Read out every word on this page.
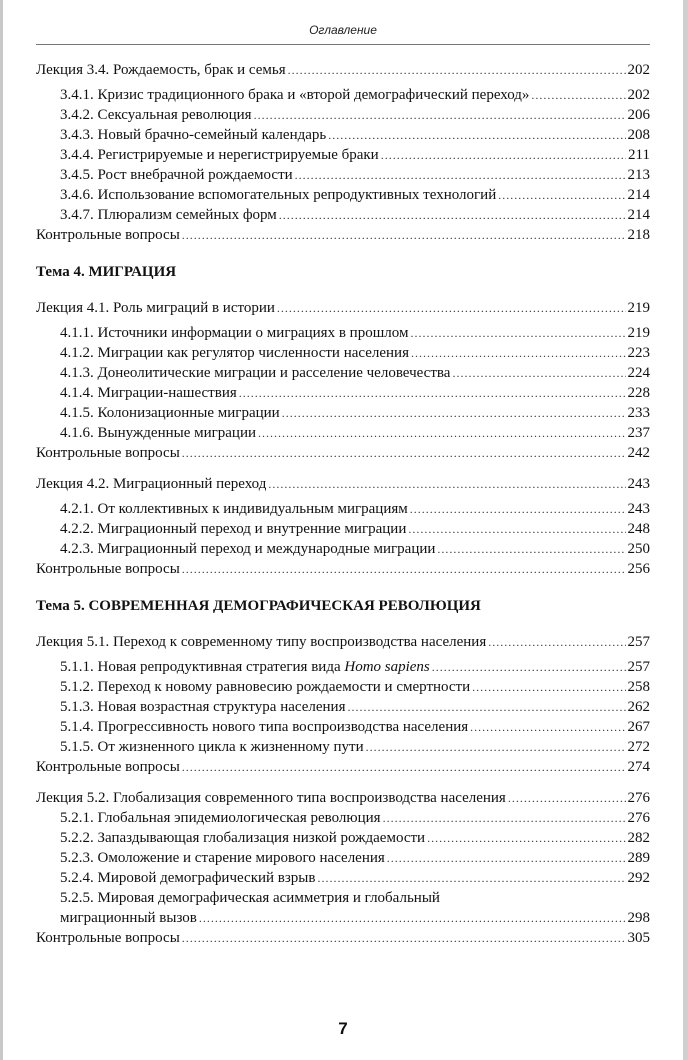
Оглавление
Лекция 3.4. Рождаемость, брак и семья .....	202
3.4.1. Кризис традиционного брака и «второй демографический переход» .....	202
3.4.2. Сексуальная революция .....	206
3.4.3. Новый брачно-семейный календарь .....	208
3.4.4. Регистрируемые и нерегистрируемые браки .....	211
3.4.5. Рост внебрачной рождаемости .....	213
3.4.6. Использование вспомогательных репродуктивных технологий .....	214
3.4.7. Плюрализм семейных форм .....	214
Контрольные вопросы .....	218
Тема 4. МИГРАЦИЯ
Лекция 4.1. Роль миграций в истории .....	219
4.1.1. Источники информации о миграциях в прошлом .....	219
4.1.2. Миграции как регулятор численности населения .....	223
4.1.3. Донеолитические миграции и расселение человечества .....	224
4.1.4. Миграции-нашествия .....	228
4.1.5. Колонизационные миграции .....	233
4.1.6. Вынужденные миграции .....	237
Контрольные вопросы .....	242
Лекция 4.2. Миграционный переход .....	243
4.2.1. От коллективных к индивидуальным миграциям .....	243
4.2.2. Миграционный переход и внутренние миграции .....	248
4.2.3. Миграционный переход и международные миграции .....	250
Контрольные вопросы .....	256
Тема 5. СОВРЕМЕННАЯ ДЕМОГРАФИЧЕСКАЯ РЕВОЛЮЦИЯ
Лекция 5.1. Переход к современному типу воспроизводства населения .....	257
5.1.1. Новая репродуктивная стратегия вида Homo sapiens .....	257
5.1.2. Переход к новому равновесию рождаемости и смертности .....	258
5.1.3. Новая возрастная структура населения .....	262
5.1.4. Прогрессивность нового типа воспроизводства населения .....	267
5.1.5. От жизненного цикла к жизненному пути .....	272
Контрольные вопросы .....	274
Лекция 5.2. Глобализация современного типа воспроизводства населения .....	276
5.2.1. Глобальная эпидемиологическая революция .....	276
5.2.2. Запаздывающая глобализация низкой рождаемости .....	282
5.2.3. Омоложение и старение мирового населения .....	289
5.2.4. Мировой демографический взрыв .....	292
5.2.5. Мировая демографическая асимметрия и глобальный
миграционный вызов .....	298
Контрольные вопросы .....	305
7
